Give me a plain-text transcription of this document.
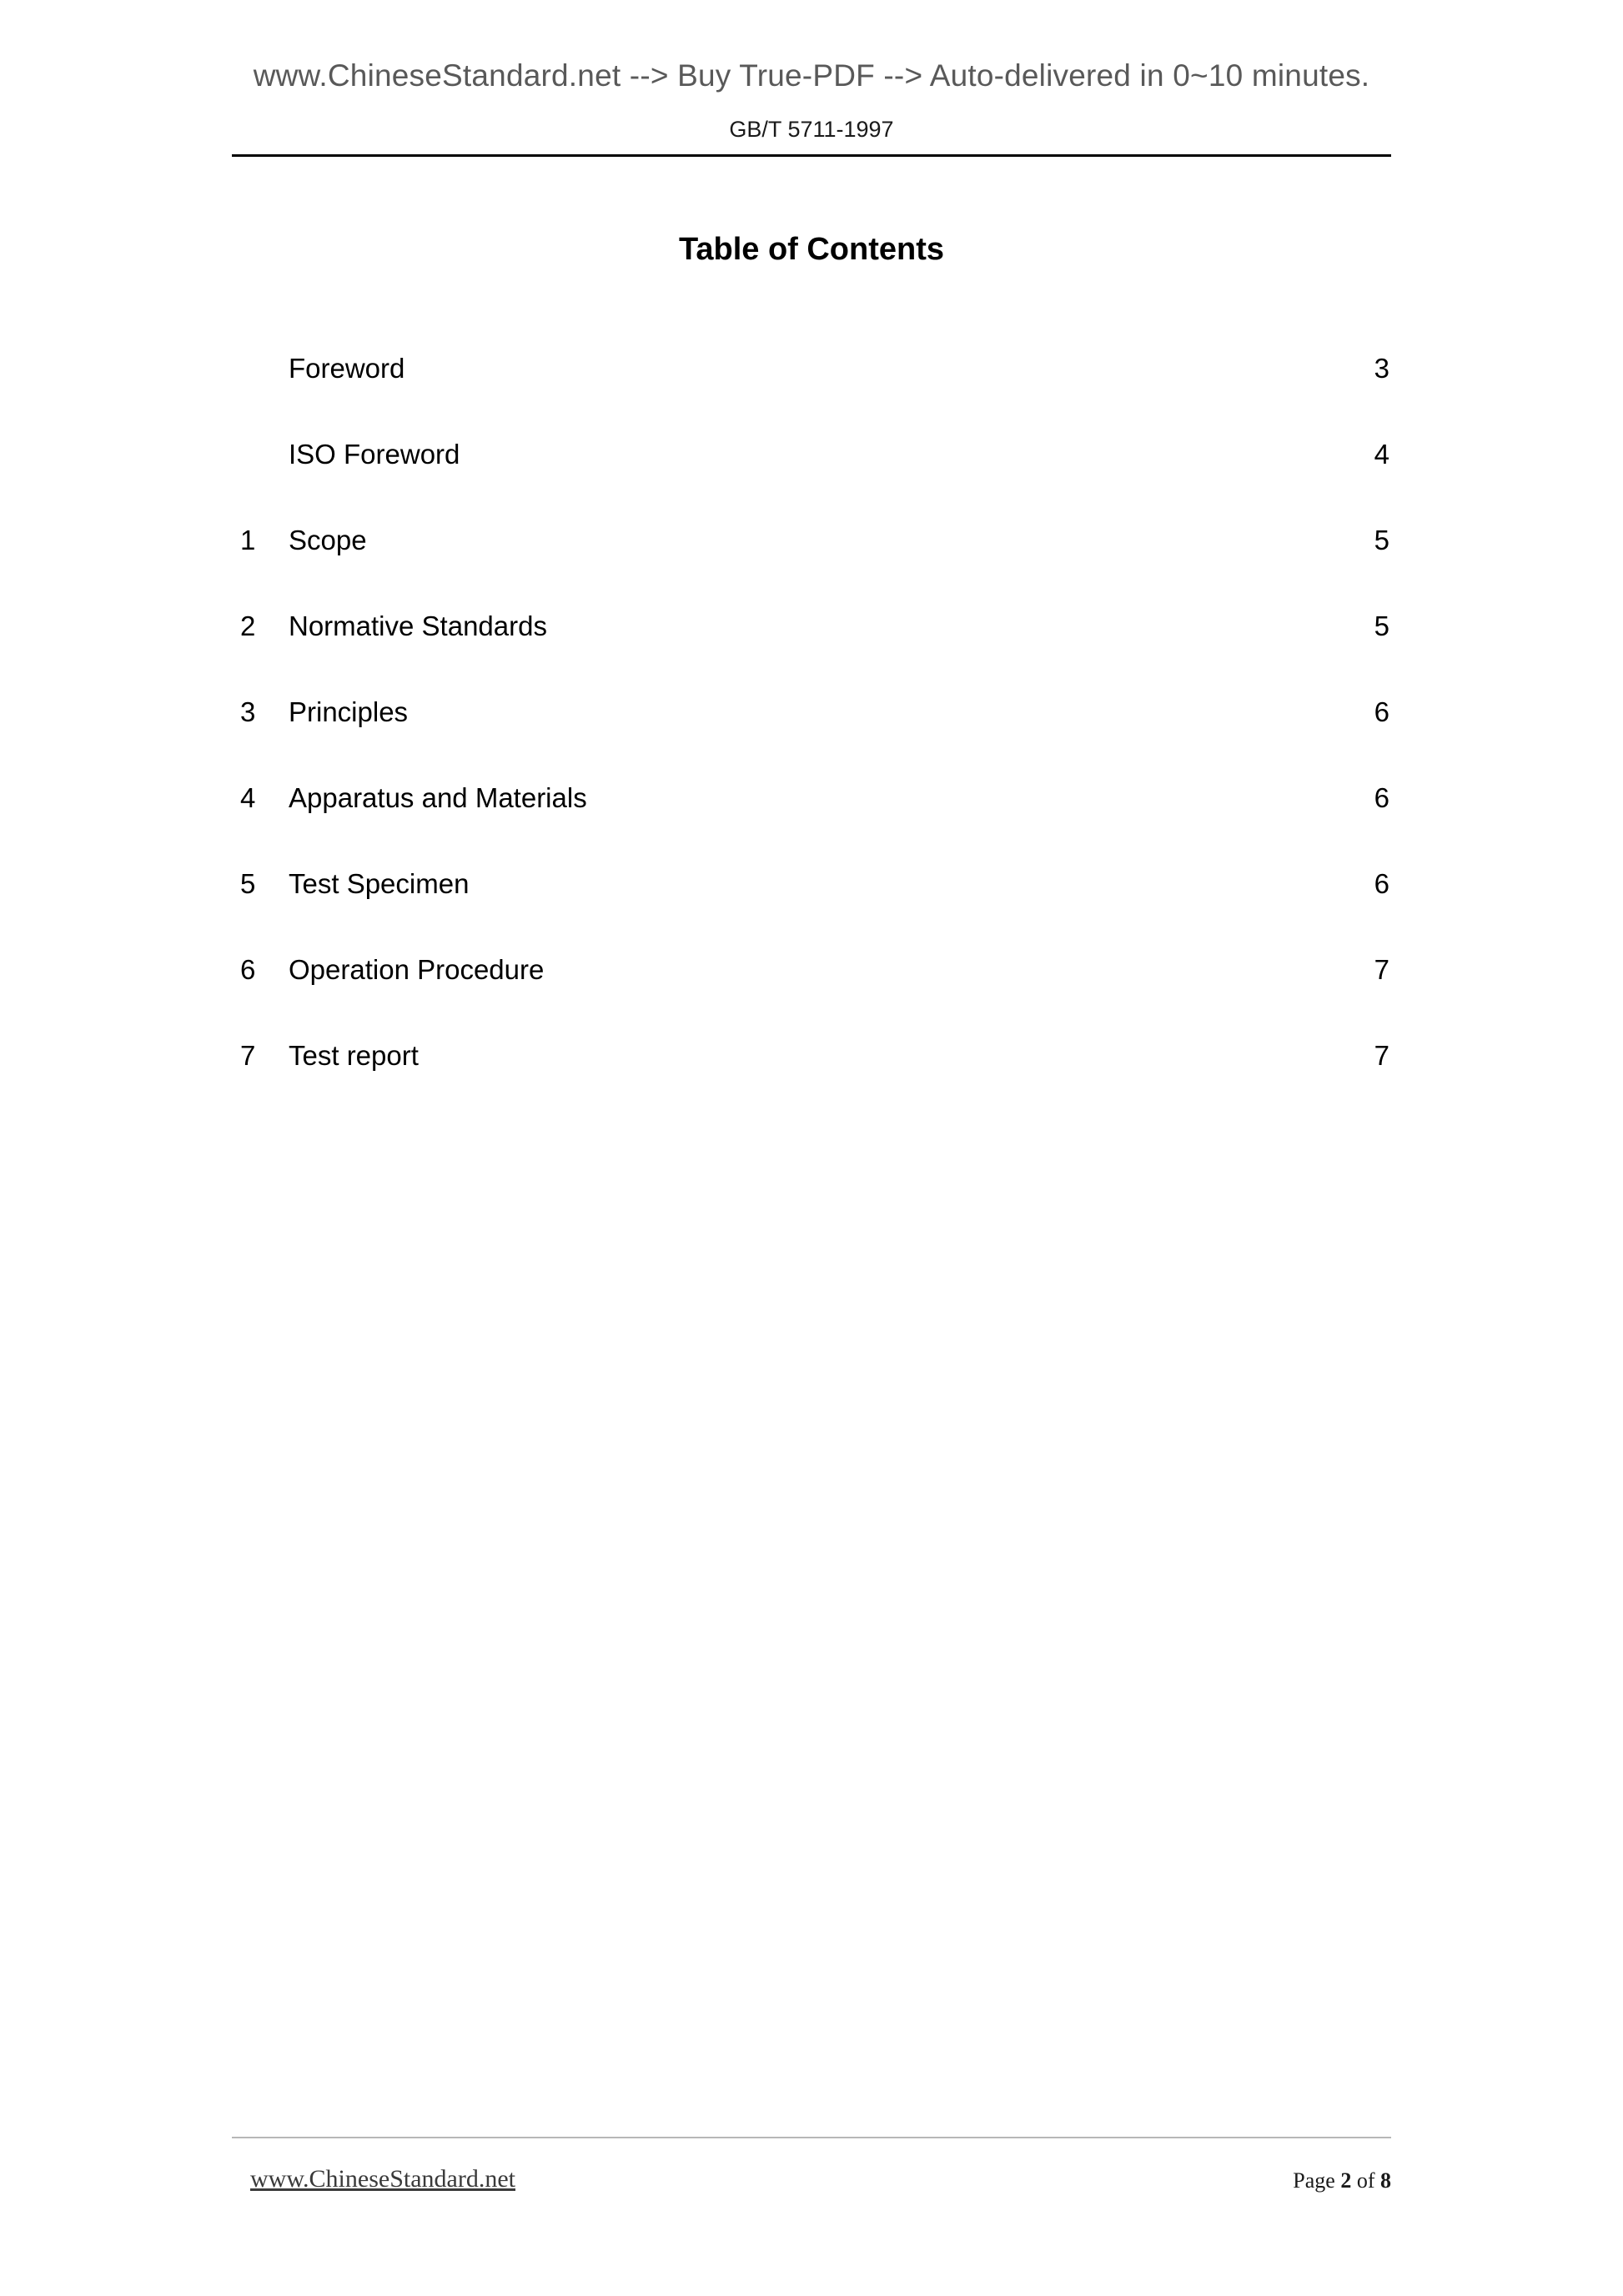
www.ChineseStandard.net --> Buy True-PDF --> Auto-delivered in 0~10 minutes.
GB/T 5711-1997
Table of Contents
Foreword .....	3
ISO Foreword .....	4
1	Scope .....	5
2	Normative Standards .....	5
3	Principles .....	6
4	Apparatus and Materials .....	6
5	Test Specimen .....	6
6	Operation Procedure .....	7
7	Test report .....	7
www.ChineseStandard.net	Page 2 of 8
